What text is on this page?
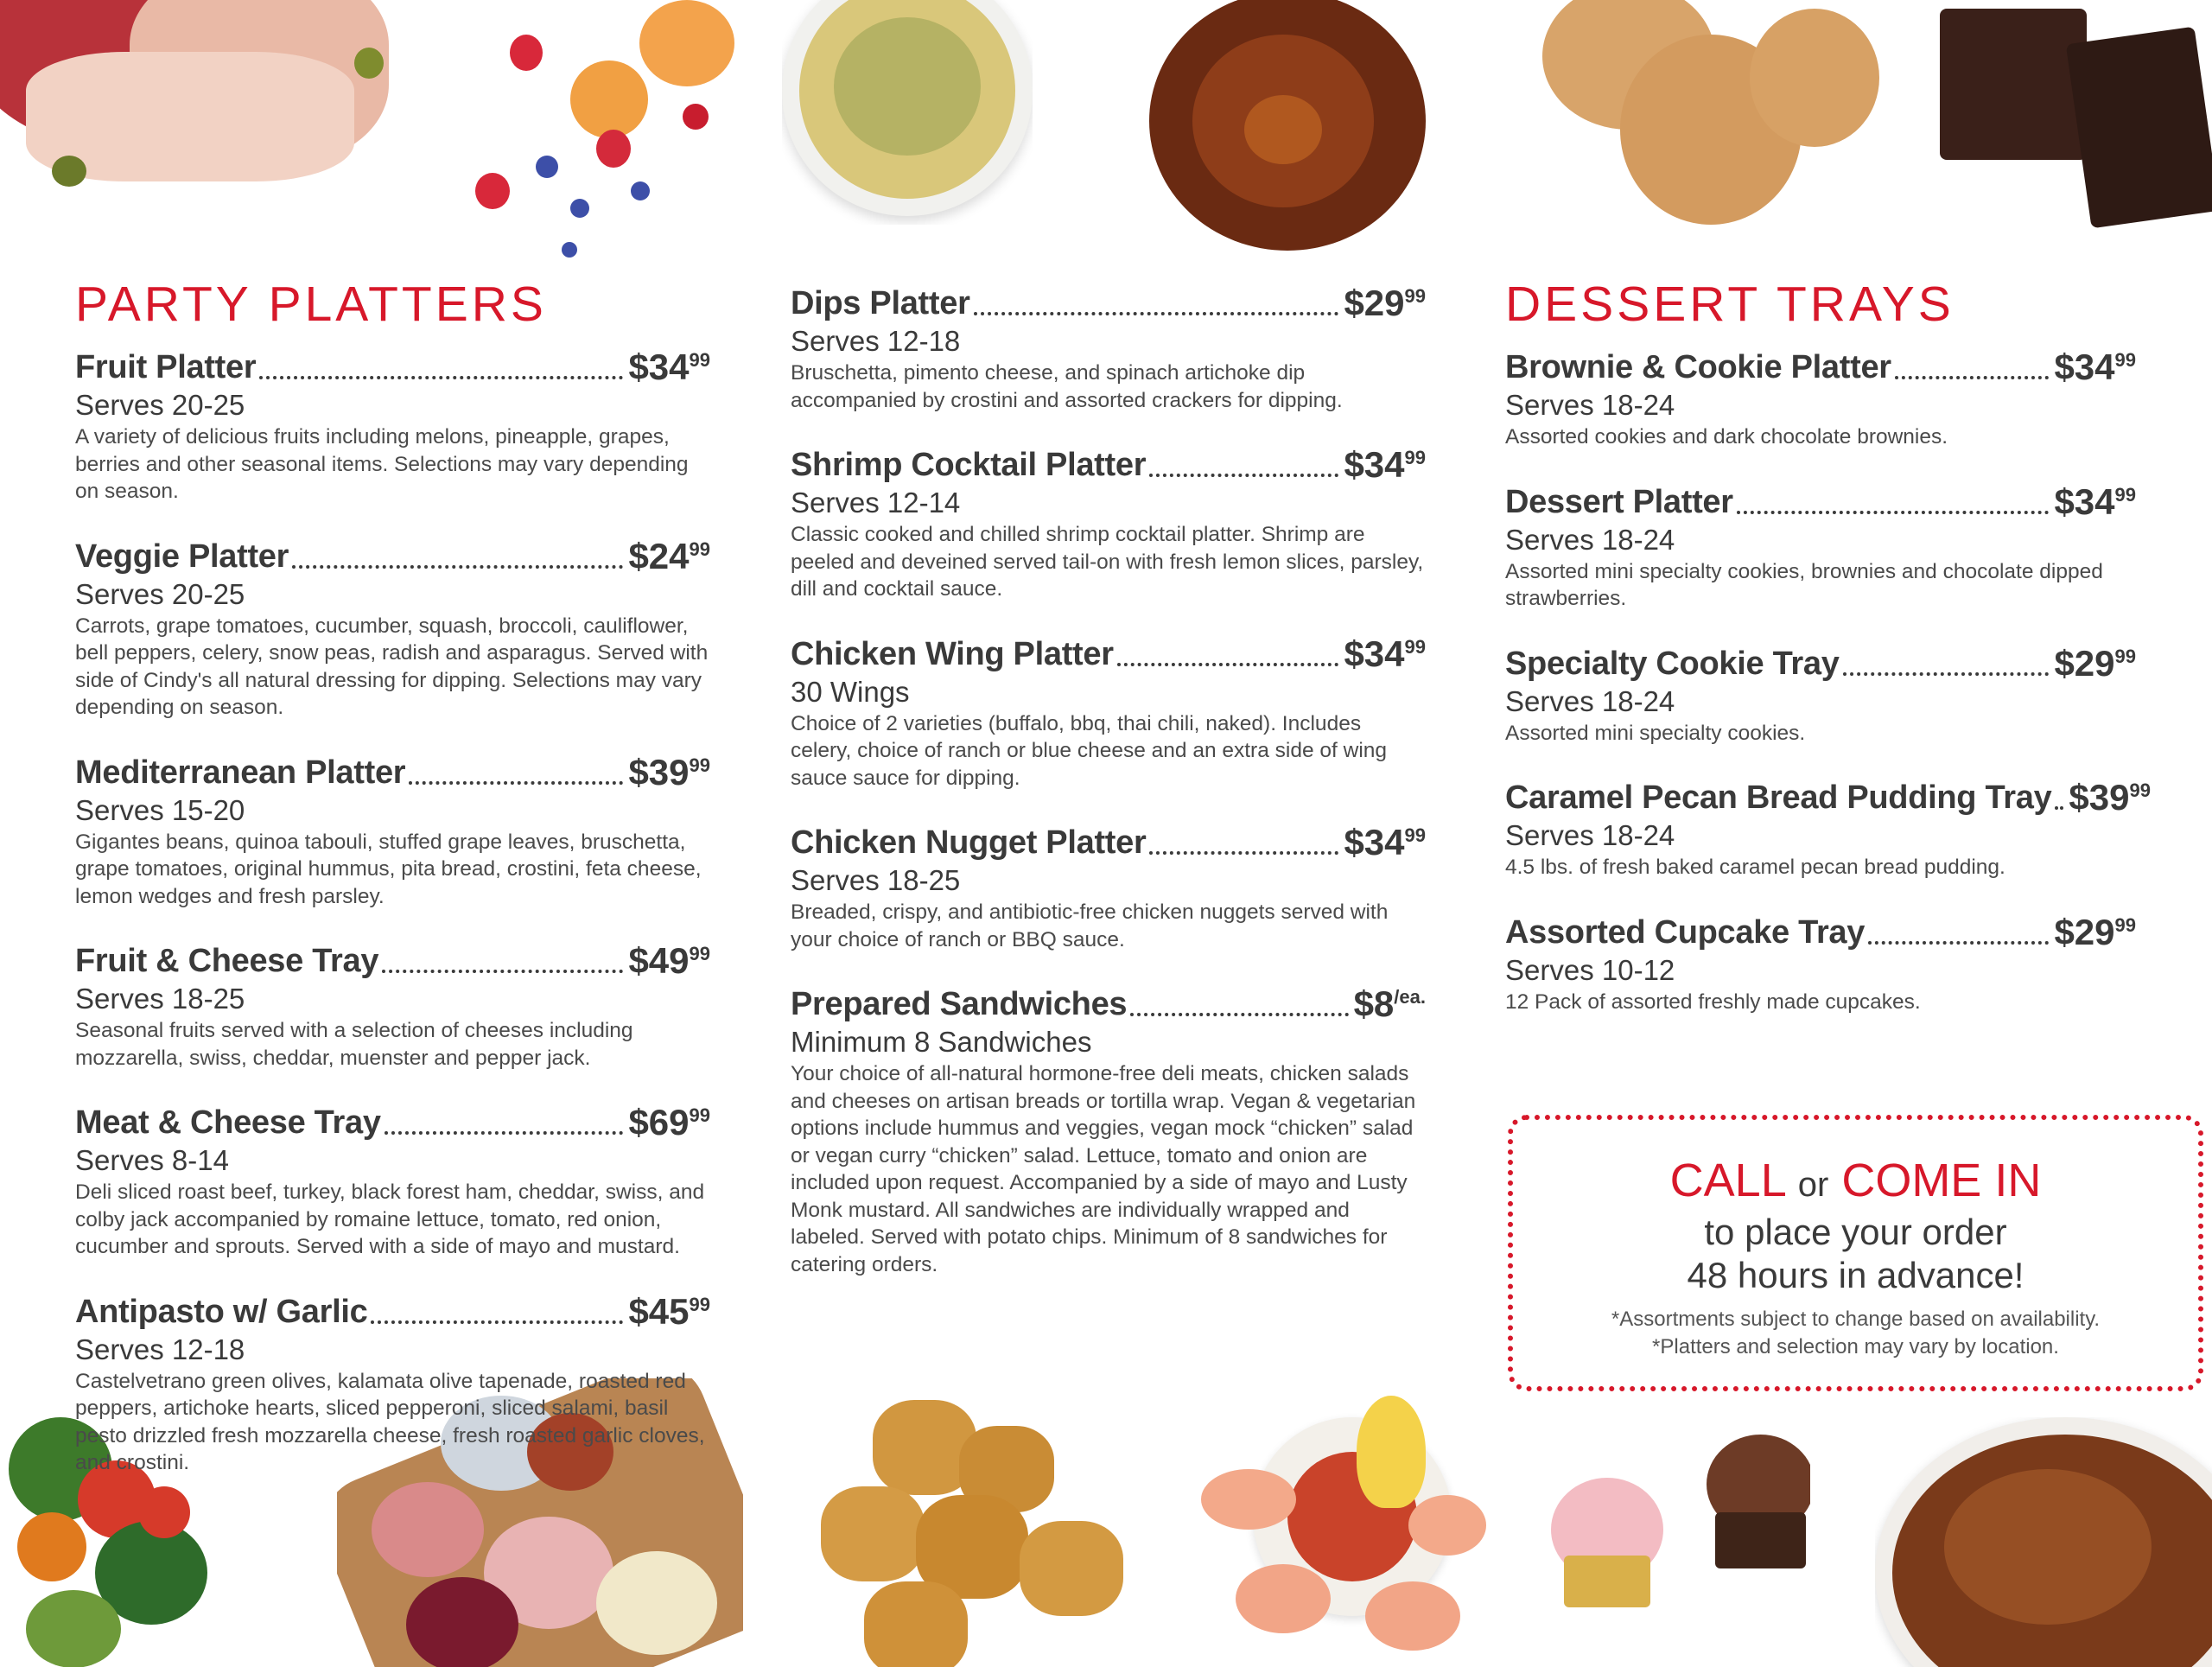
PARTY PLATTERS
Fruit Platter	$\$34^{99}$
Serves 20-25
A variety of delicious fruits including melons, pineapple, grapes, berries and other seasonal items. Selections may vary depending on season.
Veggie Platter	$\$24^{99}$
Serves 20-25
Carrots, grape tomatoes, cucumber, squash, broccoli, cauliflower, bell peppers, celery, snow peas, radish and asparagus. Served with side of Cindy's all natural dressing for dipping. Selections may vary depending on season.
Mediterranean Platter	$\$39^{99}$
Serves 15-20
Gigantes beans, quinoa tabouli, stuffed grape leaves, bruschetta, grape tomatoes, original hummus, pita bread, crostini, feta cheese, lemon wedges and fresh parsley.
Fruit & Cheese Tray	$\$49^{99}$
Serves 18-25
Seasonal fruits served with a selection of cheeses including mozzarella, swiss, cheddar, muenster and pepper jack.
Meat & Cheese Tray	$\$69^{99}$
Serves 8-14
Deli sliced roast beef, turkey, black forest ham, cheddar, swiss, and colby jack accompanied by romaine lettuce, tomato, red onion, cucumber and sprouts. Served with a side of mayo and mustard.
Antipasto w/ Garlic	$\$45^{99}$
Serves 12-18
Castelvetrano green olives, kalamata olive tapenade, roasted red peppers, artichoke hearts, sliced pepperoni, sliced salami, basil pesto drizzled fresh mozzarella cheese, fresh roasted garlic cloves, and crostini.
Dips Platter	$\$29^{99}$
Serves 12-18
Bruschetta, pimento cheese, and spinach artichoke dip accompanied by crostini and assorted crackers for dipping.
Shrimp Cocktail Platter	$\$34^{99}$
Serves 12-14
Classic cooked and chilled shrimp cocktail platter. Shrimp are peeled and deveined served tail-on with fresh lemon slices, parsley, dill and cocktail sauce.
Chicken Wing Platter	$\$34^{99}$
30 Wings
Choice of 2 varieties (buffalo, bbq, thai chili, naked). Includes celery, choice of ranch or blue cheese and an extra side of wing sauce sauce for dipping.
Chicken Nugget Platter	$\$34^{99}$
Serves 18-25
Breaded, crispy, and antibiotic-free chicken nuggets served with your choice of ranch or BBQ sauce.
Prepared Sandwiches	$\$8^{/ea.}$
Minimum 8 Sandwiches
Your choice of all-natural hormone-free deli meats, chicken salads and cheeses on artisan breads or tortilla wrap. Vegan & vegetarian options include hummus and veggies, vegan mock “chicken” salad or vegan curry “chicken” salad. Lettuce, tomato and onion are included upon request. Accompanied by a side of mayo and Lusty Monk mustard. All sandwiches are individually wrapped and labeled. Served with potato chips. Minimum of 8 sandwiches for catering orders.
DESSERT TRAYS
Brownie & Cookie Platter	$\$34^{99}$
Serves 18-24
Assorted cookies and dark chocolate brownies.
Dessert Platter	$\$34^{99}$
Serves 18-24
Assorted mini specialty cookies, brownies and chocolate dipped strawberries.
Specialty Cookie Tray	$\$29^{99}$
Serves 18-24
Assorted mini specialty cookies.
Caramel Pecan Bread Pudding Tray $\$39^{99}$
Serves 18-24
4.5 lbs. of fresh baked caramel pecan bread pudding.
Assorted Cupcake Tray	$\$29^{99}$
Serves 10-12
12 Pack of assorted freshly made cupcakes.
CALL or COME IN
to place your order
48 hours in advance!
*Assortments subject to change based on availability.
*Platters and selection may vary by location.
